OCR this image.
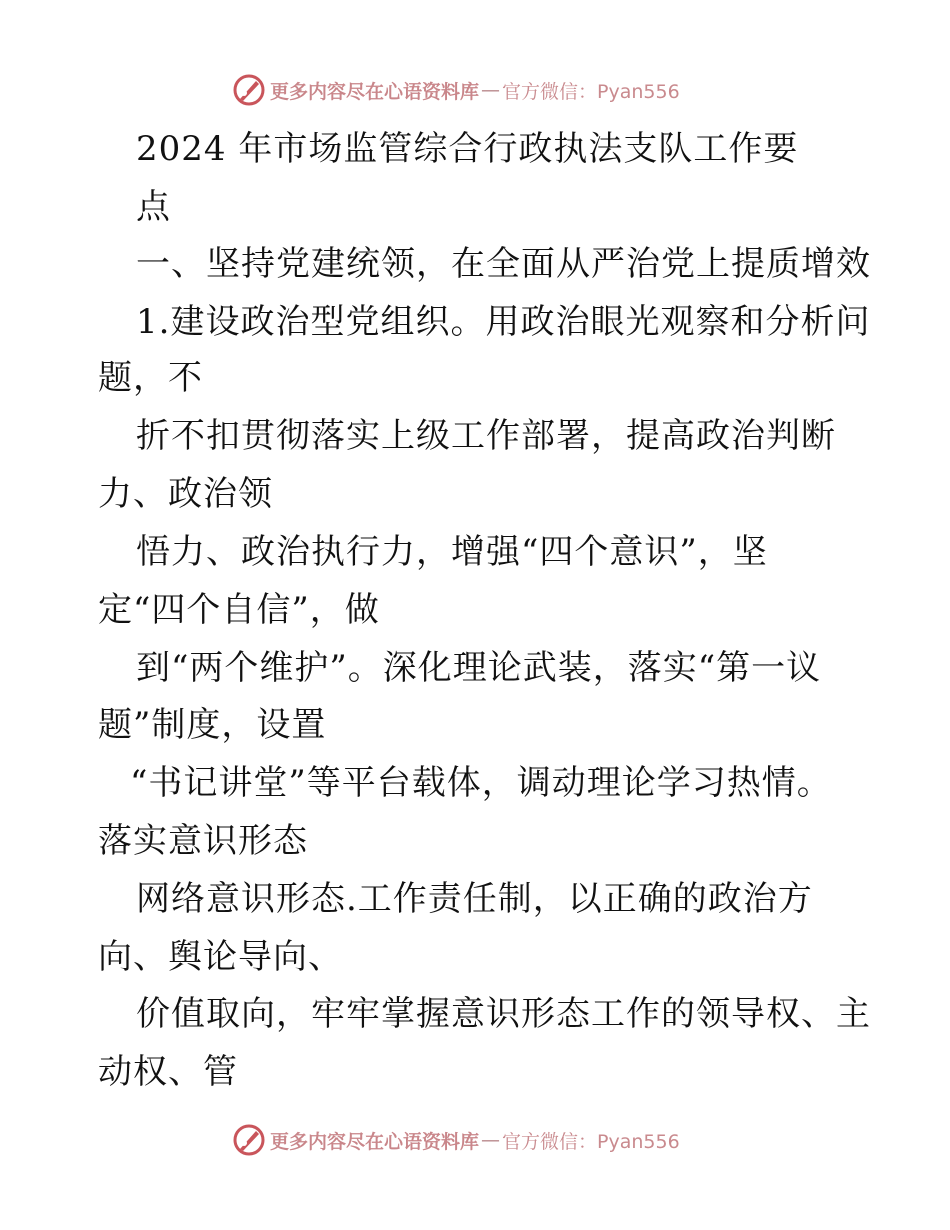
更多内容尽在心语资料库 — 官方微信：Pyan556
2024 年市场监管综合行政执法支队工作要
点
一、坚持党建统领，在全面从严治党上提质增效
1.建设政治型党组织。用政治眼光观察和分析问
题，不
折不扣贯彻落实上级工作部署，提高政治判断
力、政治领
悟力、政治执行力，增强“四个意识”，坚
定“四个自信”，做
到“两个维护”。深化理论武装，落实“第一议
题”制度，设置
“书记讲堂”等平台载体，调动理论学习热情。
落实意识形态
网络意识形态.工作责任制，以正确的政治方
向、舆论导向、
价值取向，牢牢掌握意识形态工作的领导权、主
动权、管
更多内容尽在心语资料库 — 官方微信：Pyan556
